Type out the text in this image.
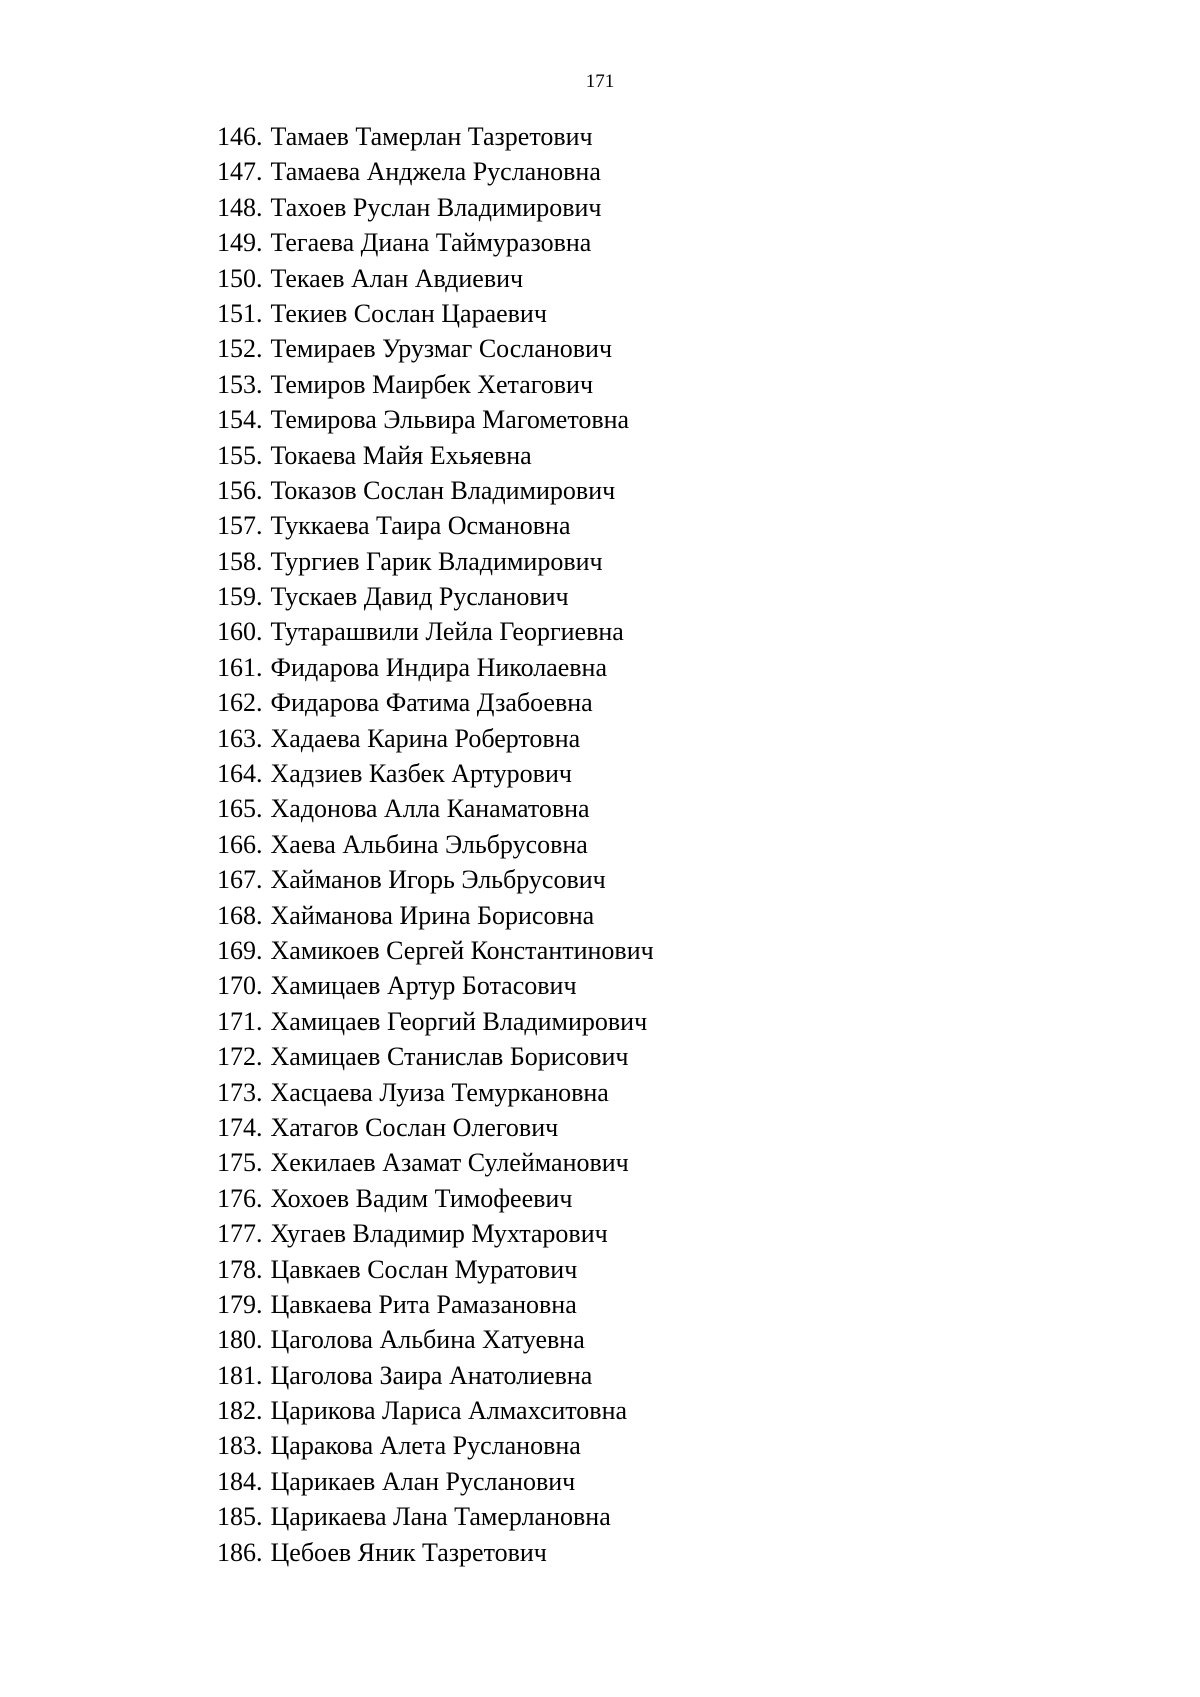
171
146. Тамаев Тамерлан Тазретович
147. Тамаева Анджела Руслановна
148. Тахоев Руслан Владимирович
149. Тегаева Диана Таймуразовна
150. Текаев Алан Авдиевич
151. Текиев Сослан Цараевич
152. Темираев Урузмаг Сосланович
153. Темиров Маирбек Хетагович
154. Темирова Эльвира Магометовна
155. Токаева Майя Ехьяевна
156. Токазов Сослан Владимирович
157. Туккаева Таира Османовна
158. Тургиев Гарик Владимирович
159. Тускаев Давид Русланович
160. Тутарашвили Лейла Георгиевна
161. Фидарова Индира Николаевна
162. Фидарова Фатима Дзабоевна
163. Хадаева Карина Робертовна
164. Хадзиев Казбек Артурович
165. Хадонова Алла Канаматовна
166. Хаева Альбина Эльбрусовна
167. Хайманов Игорь Эльбрусович
168. Хайманова Ирина Борисовна
169. Хамикоев Сергей Константинович
170. Хамицаев Артур Ботасович
171. Хамицаев Георгий Владимирович
172. Хамицаев Станислав Борисович
173. Хасцаева Луиза Темуркановна
174. Хатагов Сослан Олегович
175. Хекилаев Азамат Сулейманович
176. Хохоев Вадим Тимофеевич
177. Хугаев Владимир Мухтарович
178. Цавкаев Сослан Муратович
179. Цавкаева Рита Рамазановна
180. Цаголова Альбина Хатуевна
181. Цаголова Заира Анатолиевна
182. Царикова Лариса Алмахситовна
183. Царакова Алета Руслановна
184. Царикаев Алан Русланович
185. Царикаева Лана Тамерлановна
186. Цебоев Яник Тазретович
